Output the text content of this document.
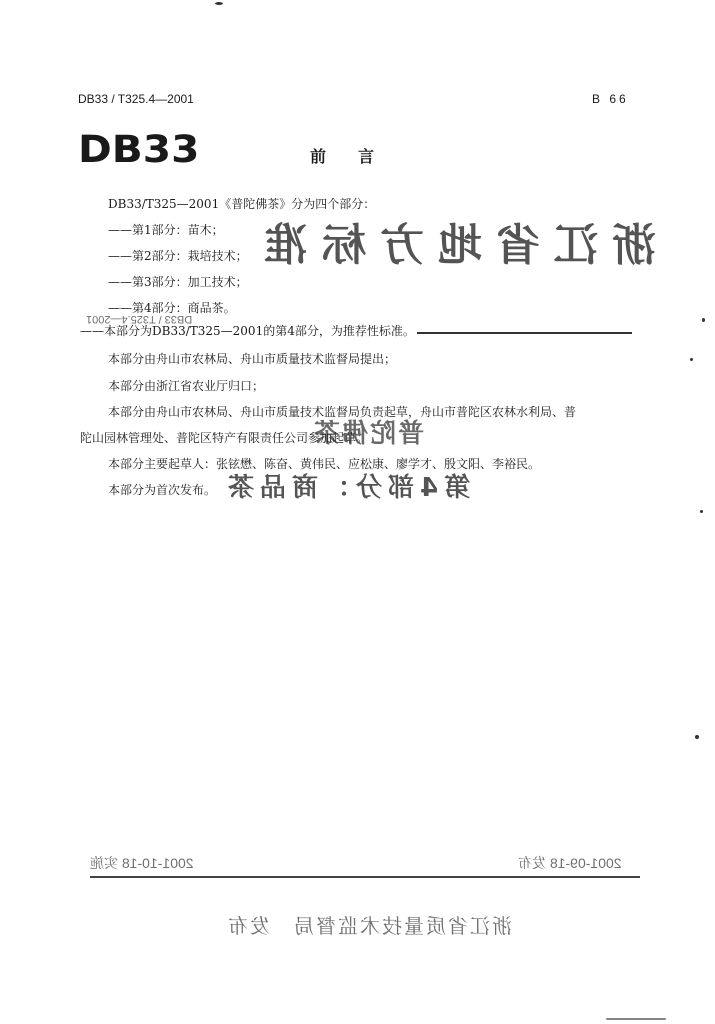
DB33 / T325.4—2001	B 66
DB33	前　　言
浙江省地方标准
DB33/T325—2001《普陀佛茶》分为四个部分：
——第1部分：苗木；
——第2部分：栽培技术；
——第3部分：加工技术；
——第4部分：商品茶。
DB33 / T325.4—2001
——本部分为DB33/T325—2001的第4部分，为推荐性标准。
本部分由舟山市农林局、舟山市质量技术监督局提出；
本部分由浙江省农业厅归口；
本部分由舟山市农林局、舟山市质量技术监督局负责起草，舟山市普陀区农林水利局、普
陀山园林管理处、普陀区特产有限责任公司参加起草。
普陀佛茶
本部分主要起草人：张铉懋、陈奋、黄伟民、应松康、廖学才、殷文阳、李裕民。
本部分为首次发布。 第4部分：商品茶
2001-10-18 实施	2001-09-18 发布
浙江省质量技术监督局　发布
